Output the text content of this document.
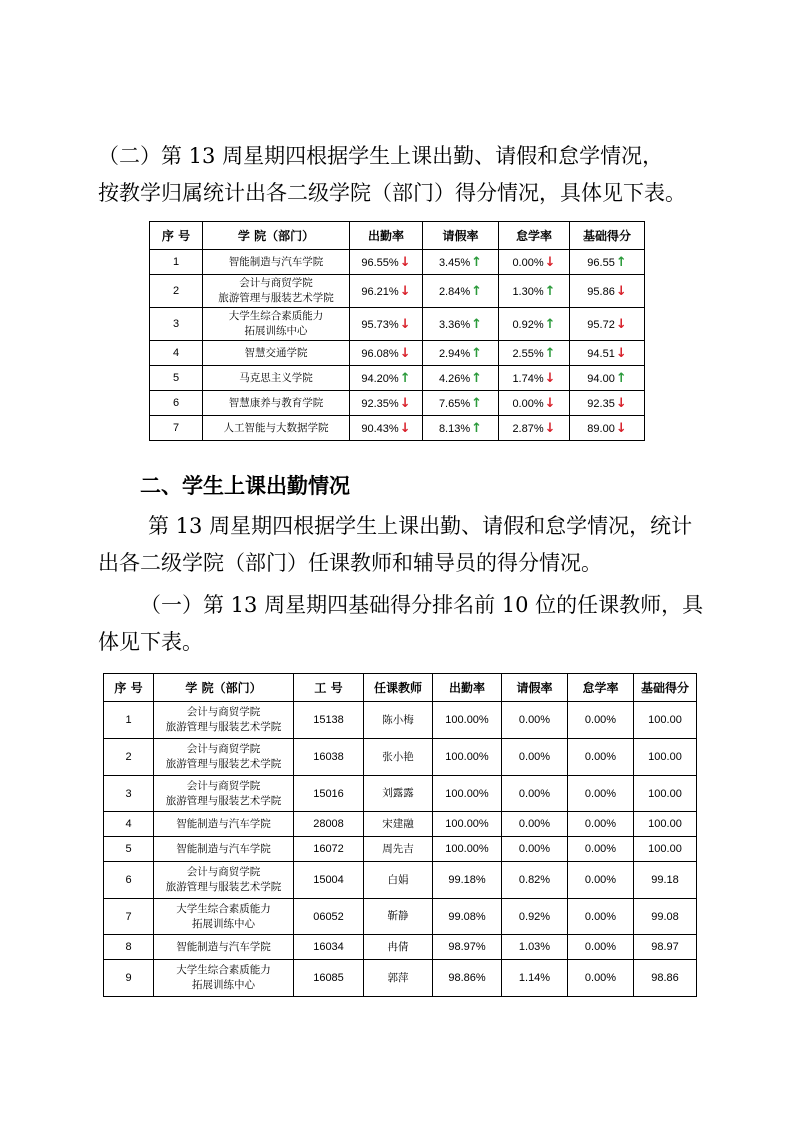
（二）第 13 周星期四根据学生上课出勤、请假和怠学情况，

按教学归属统计出各二级学院（部门）得分情况，具体见下表。

序 号	学 院（部门）	出勤率	请假率	怠学率	基础得分
1	智能制造与汽车学院	96.55%↓	3.45%↑	0.00%↓	96.55↑
2	会计与商贸学院
旅游管理与服装艺术学院	96.21%↓	2.84%↑	1.30%↑	95.86↓
3	大学生综合素质能力
拓展训练中心	95.73%↓	3.36%↑	0.92%↑	95.72↓
4	智慧交通学院	96.08%↓	2.94%↑	2.55%↑	94.51↓
5	马克思主义学院	94.20%↑	4.26%↑	1.74%↓	94.00↑
6	智慧康养与教育学院	92.35%↓	7.65%↑	0.00%↓	92.35↓
7	人工智能与大数据学院	90.43%↓	8.13%↑	2.87%↓	89.00↓

二、学生上课出勤情况

第 13 周星期四根据学生上课出勤、请假和怠学情况，统计

出各二级学院（部门）任课教师和辅导员的得分情况。

（一）第 13 周星期四基础得分排名前 10 位的任课教师，具

体见下表。

序 号	学 院（部门）	工 号	任课教师	出勤率	请假率	怠学率	基础得分
1	会计与商贸学院
旅游管理与服装艺术学院	15138	陈小梅	100.00%	0.00%	0.00%	100.00
2	会计与商贸学院
旅游管理与服装艺术学院	16038	张小艳	100.00%	0.00%	0.00%	100.00
3	会计与商贸学院
旅游管理与服装艺术学院	15016	刘露露	100.00%	0.00%	0.00%	100.00
4	智能制造与汽车学院	28008	宋建融	100.00%	0.00%	0.00%	100.00
5	智能制造与汽车学院	16072	周先吉	100.00%	0.00%	0.00%	100.00
6	会计与商贸学院
旅游管理与服装艺术学院	15004	白娟	99.18%	0.82%	0.00%	99.18
7	大学生综合素质能力
拓展训练中心	06052	靳静	99.08%	0.92%	0.00%	99.08
8	智能制造与汽车学院	16034	冉倩	98.97%	1.03%	0.00%	98.97
9	大学生综合素质能力
拓展训练中心	16085	郭萍	98.86%	1.14%	0.00%	98.86
